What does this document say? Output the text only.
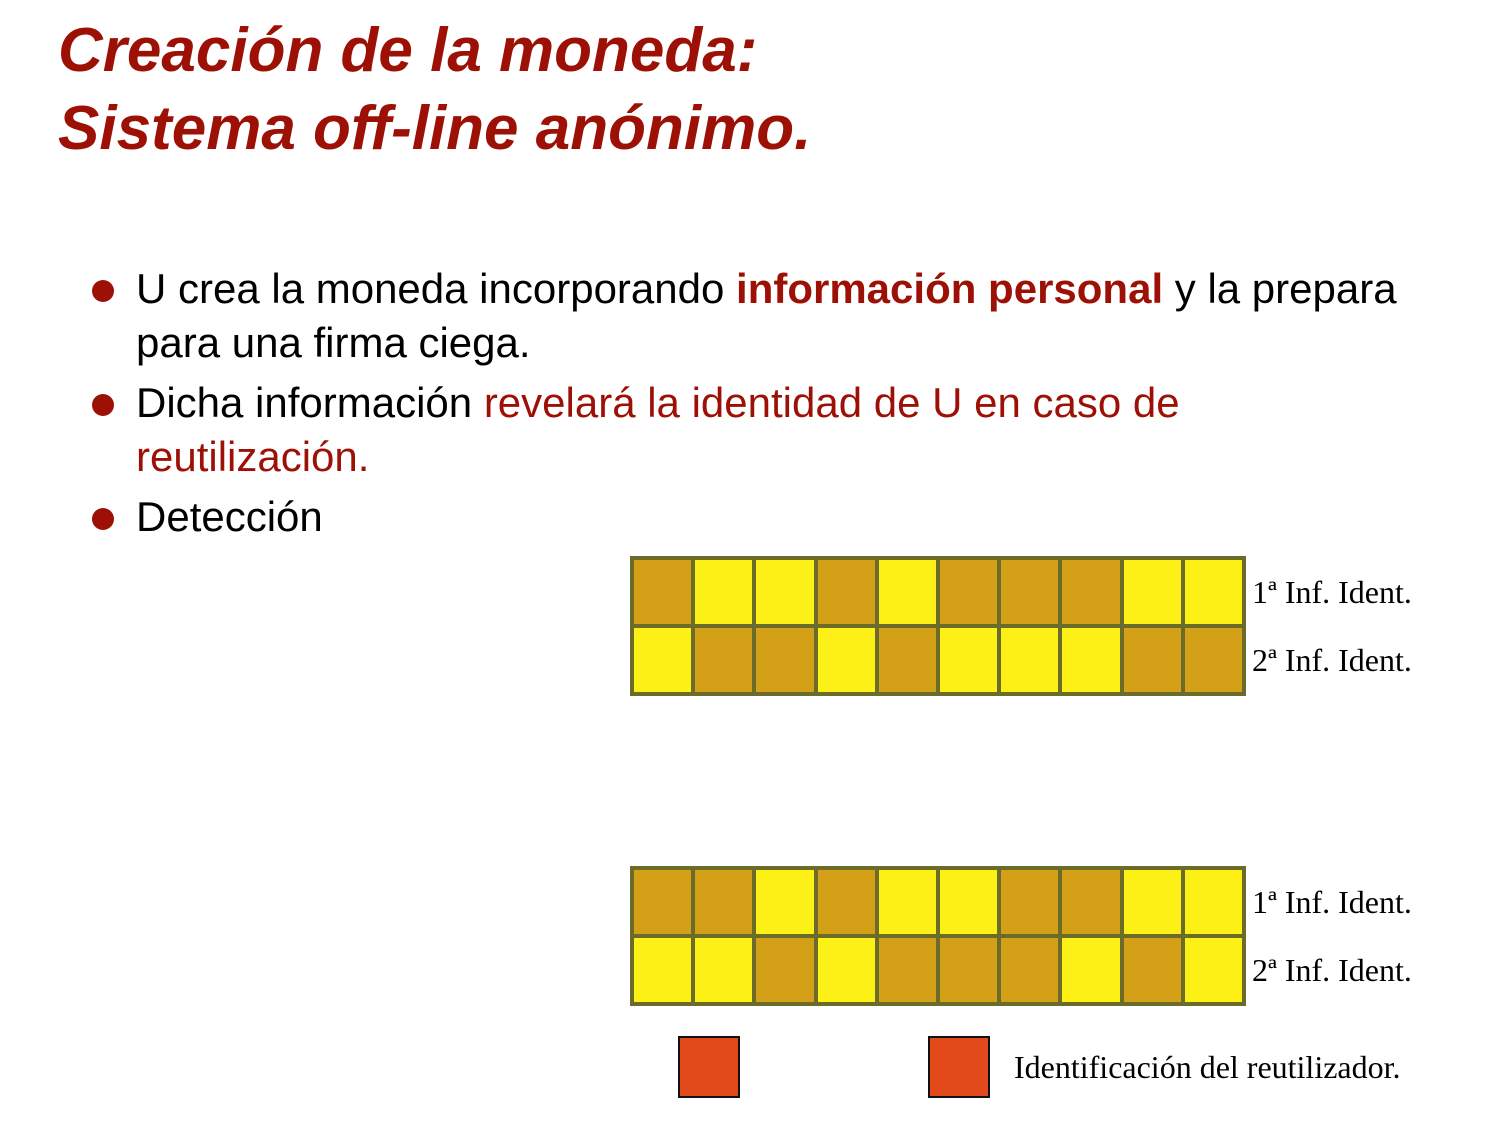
Creación de la moneda:
Sistema off-line anónimo.
U crea la moneda incorporando información personal y la prepara para una firma ciega.
Dicha información revelará la identidad de U en caso de reutilización.
Detección
1ª Inf. Ident.
2ª Inf. Ident.
1ª Inf. Ident.
2ª Inf. Ident.
Identificación del reutilizador.
